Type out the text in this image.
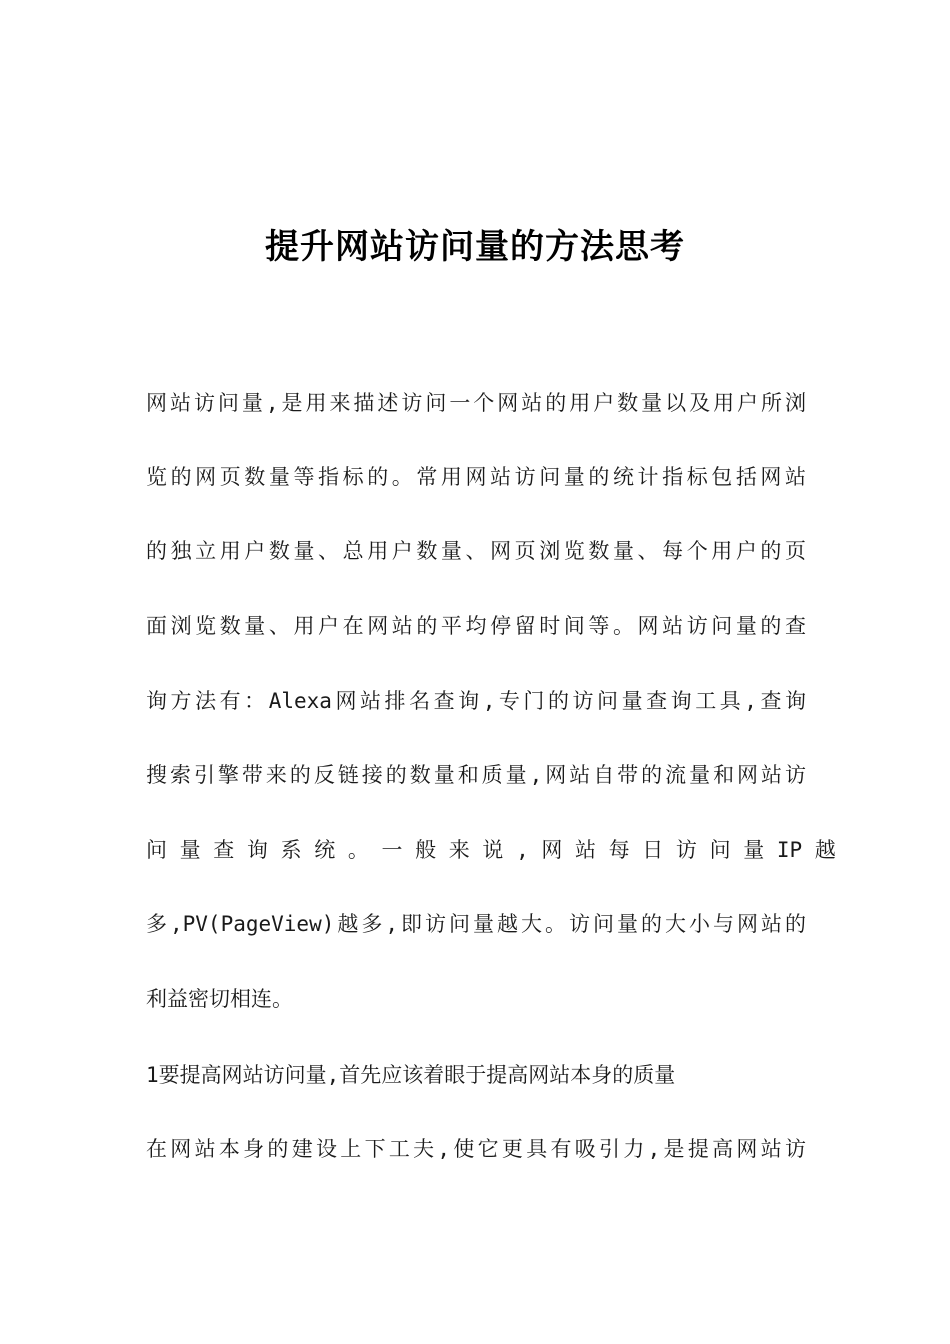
提升网站访问量的方法思考

网站访问量,是用来描述访问一个网站的用户数量以及用户所浏

览的网页数量等指标的。常用网站访问量的统计指标包括网站

的独立用户数量、总用户数量、网页浏览数量、每个用户的页

面浏览数量、用户在网站的平均停留时间等。网站访问量的查

询方法有：Alexa网站排名查询,专门的访问量查询工具,查询

搜索引擎带来的反链接的数量和质量,网站自带的流量和网站访

问 量 查 询 系 统 。 一 般 来 说 , 网 站 每 日 访 问 量 IP 越

多,PV(PageView)越多,即访问量越大。访问量的大小与网站的

利益密切相连。

1要提高网站访问量,首先应该着眼于提高网站本身的质量

在网站本身的建设上下工夫,使它更具有吸引力,是提高网站访
